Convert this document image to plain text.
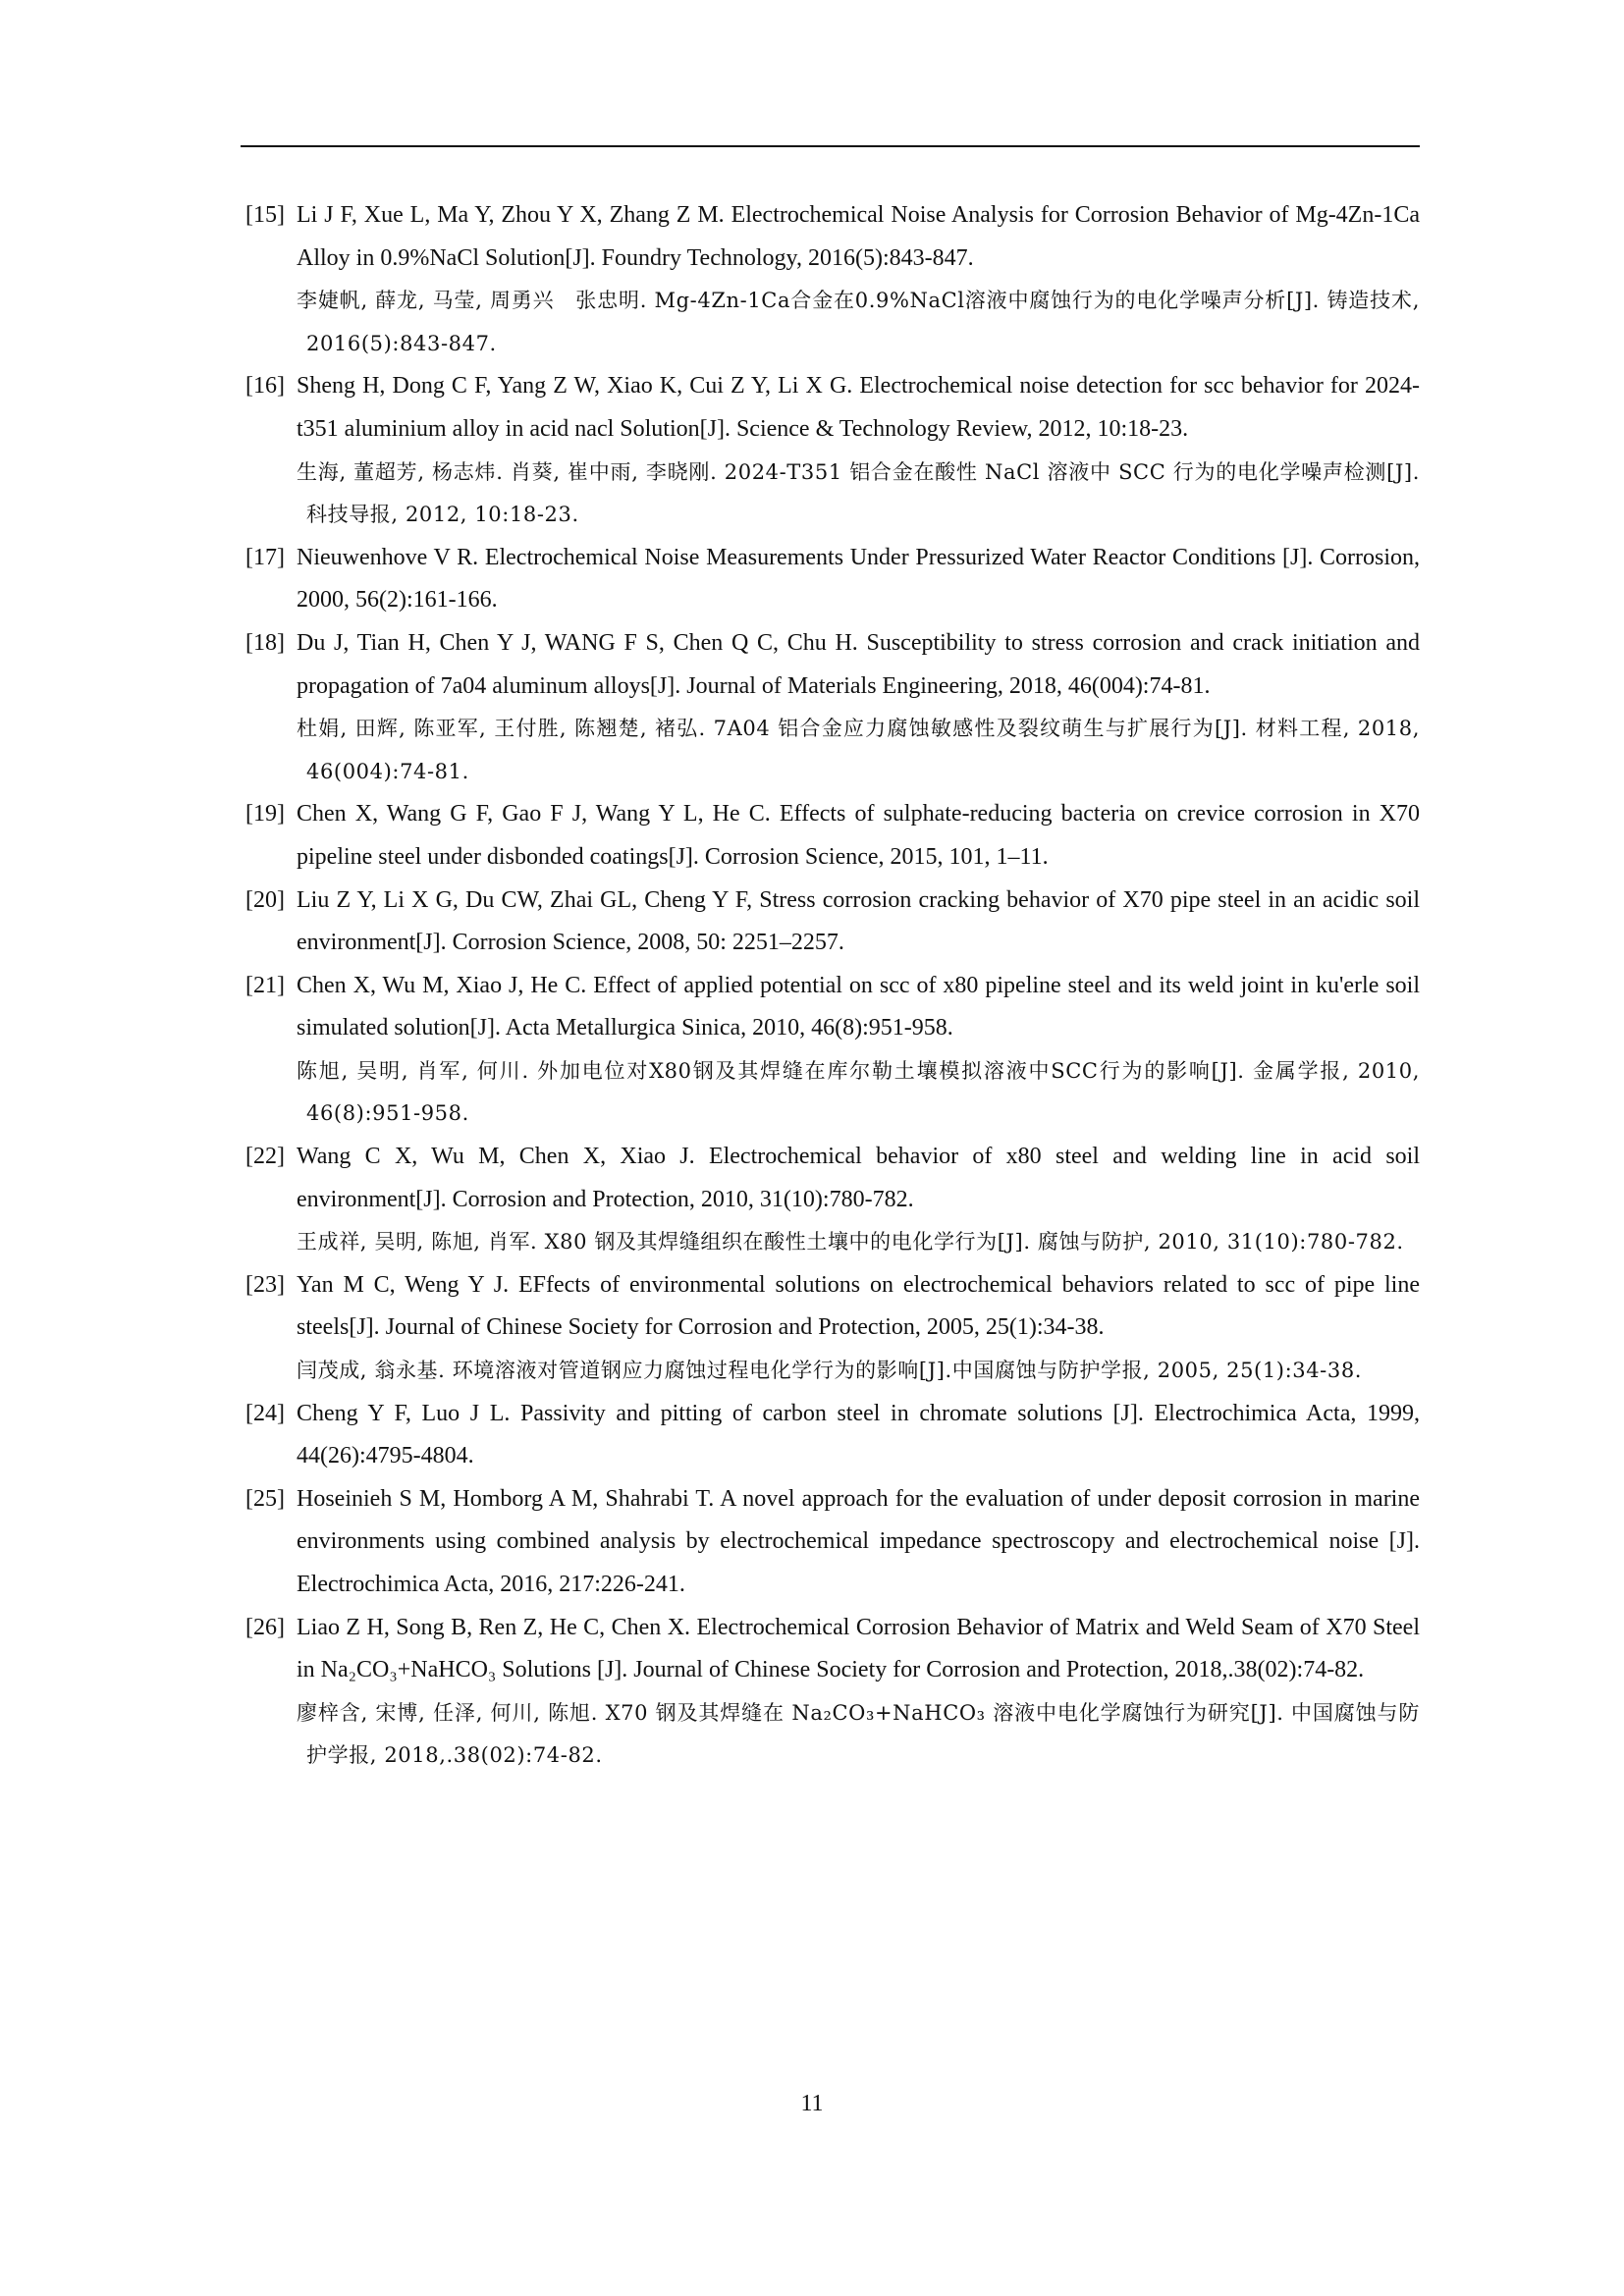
[15] Li J F, Xue L, Ma Y, Zhou Y X, Zhang Z M. Electrochemical Noise Analysis for Corrosion Behavior of Mg-4Zn-1Ca Alloy in 0.9%NaCl Solution[J]. Foundry Technology, 2016(5):843-847.
李婕帆, 薛龙, 马莹, 周勇兴　张忠明. Mg-4Zn-1Ca合金在0.9%NaCl溶液中腐蚀行为的电化学噪声分析[J]. 铸造技术, 2016(5):843-847.
[16] Sheng H, Dong C F, Yang Z W, Xiao K, Cui Z Y, Li X G. Electrochemical noise detection for scc behavior for 2024-t351 aluminium alloy in acid nacl Solution[J]. Science & Technology Review, 2012, 10:18-23.
生海, 董超芳, 杨志炜. 肖葵, 崔中雨, 李晓刚. 2024-T351 铝合金在酸性 NaCl 溶液中 SCC 行为的电化学噪声检测[J]. 科技导报, 2012, 10:18-23.
[17] Nieuwenhove V R. Electrochemical Noise Measurements Under Pressurized Water Reactor Conditions [J]. Corrosion, 2000, 56(2):161-166.
[18] Du J, Tian H, Chen Y J, WANG F S, Chen Q C, Chu H. Susceptibility to stress corrosion and crack initiation and propagation of 7a04 aluminum alloys[J]. Journal of Materials Engineering, 2018, 46(004):74-81.
杜娟, 田辉, 陈亚军, 王付胜, 陈翘楚, 褚弘. 7A04 铝合金应力腐蚀敏感性及裂纹萌生与扩展行为[J]. 材料工程, 2018, 46(004):74-81.
[19] Chen X, Wang G F, Gao F J, Wang Y L, He C. Effects of sulphate-reducing bacteria on crevice corrosion in X70 pipeline steel under disbonded coatings[J]. Corrosion Science, 2015, 101, 1–11.
[20] Liu Z Y, Li X G, Du CW, Zhai GL, Cheng Y F, Stress corrosion cracking behavior of X70 pipe steel in an acidic soil environment[J]. Corrosion Science, 2008, 50: 2251–2257.
[21] Chen X, Wu M, Xiao J, He C. Effect of applied potential on scc of x80 pipeline steel and its weld joint in ku'erle soil simulated solution[J]. Acta Metallurgica Sinica, 2010, 46(8):951-958.
陈旭, 吴明, 肖军, 何川. 外加电位对X80钢及其焊缝在库尔勒土壤模拟溶液中SCC行为的影响[J]. 金属学报, 2010, 46(8):951-958.
[22] Wang C X, Wu M, Chen X, Xiao J. Electrochemical behavior of x80 steel and welding line in acid soil environment[J]. Corrosion and Protection, 2010, 31(10):780-782.
王成祥, 吴明, 陈旭, 肖军. X80 钢及其焊缝组织在酸性土壤中的电化学行为[J]. 腐蚀与防护, 2010, 31(10):780-782.
[23] Yan M C, Weng Y J. EFfects of environmental solutions on electrochemical behaviors related to scc of pipe line steels[J]. Journal of Chinese Society for Corrosion and Protection, 2005, 25(1):34-38.
闫茂成, 翁永基. 环境溶液对管道钢应力腐蚀过程电化学行为的影响[J].中国腐蚀与防护学报, 2005, 25(1):34-38.
[24] Cheng Y F, Luo J L. Passivity and pitting of carbon steel in chromate solutions [J]. Electrochimica Acta, 1999, 44(26):4795-4804.
[25] Hoseinieh S M, Homborg A M, Shahrabi T. A novel approach for the evaluation of under deposit corrosion in marine environments using combined analysis by electrochemical impedance spectroscopy and electrochemical noise [J]. Electrochimica Acta, 2016, 217:226-241.
[26] Liao Z H, Song B, Ren Z, He C, Chen X. Electrochemical Corrosion Behavior of Matrix and Weld Seam of X70 Steel in Na₂CO₃+NaHCO₃ Solutions [J]. Journal of Chinese Society for Corrosion and Protection, 2018,.38(02):74-82.
廖梓含, 宋博, 任泽, 何川, 陈旭. X70 钢及其焊缝在 Na₂CO₃+NaHCO₃ 溶液中电化学腐蚀行为研究[J]. 中国腐蚀与防护学报, 2018,.38(02):74-82.
11
